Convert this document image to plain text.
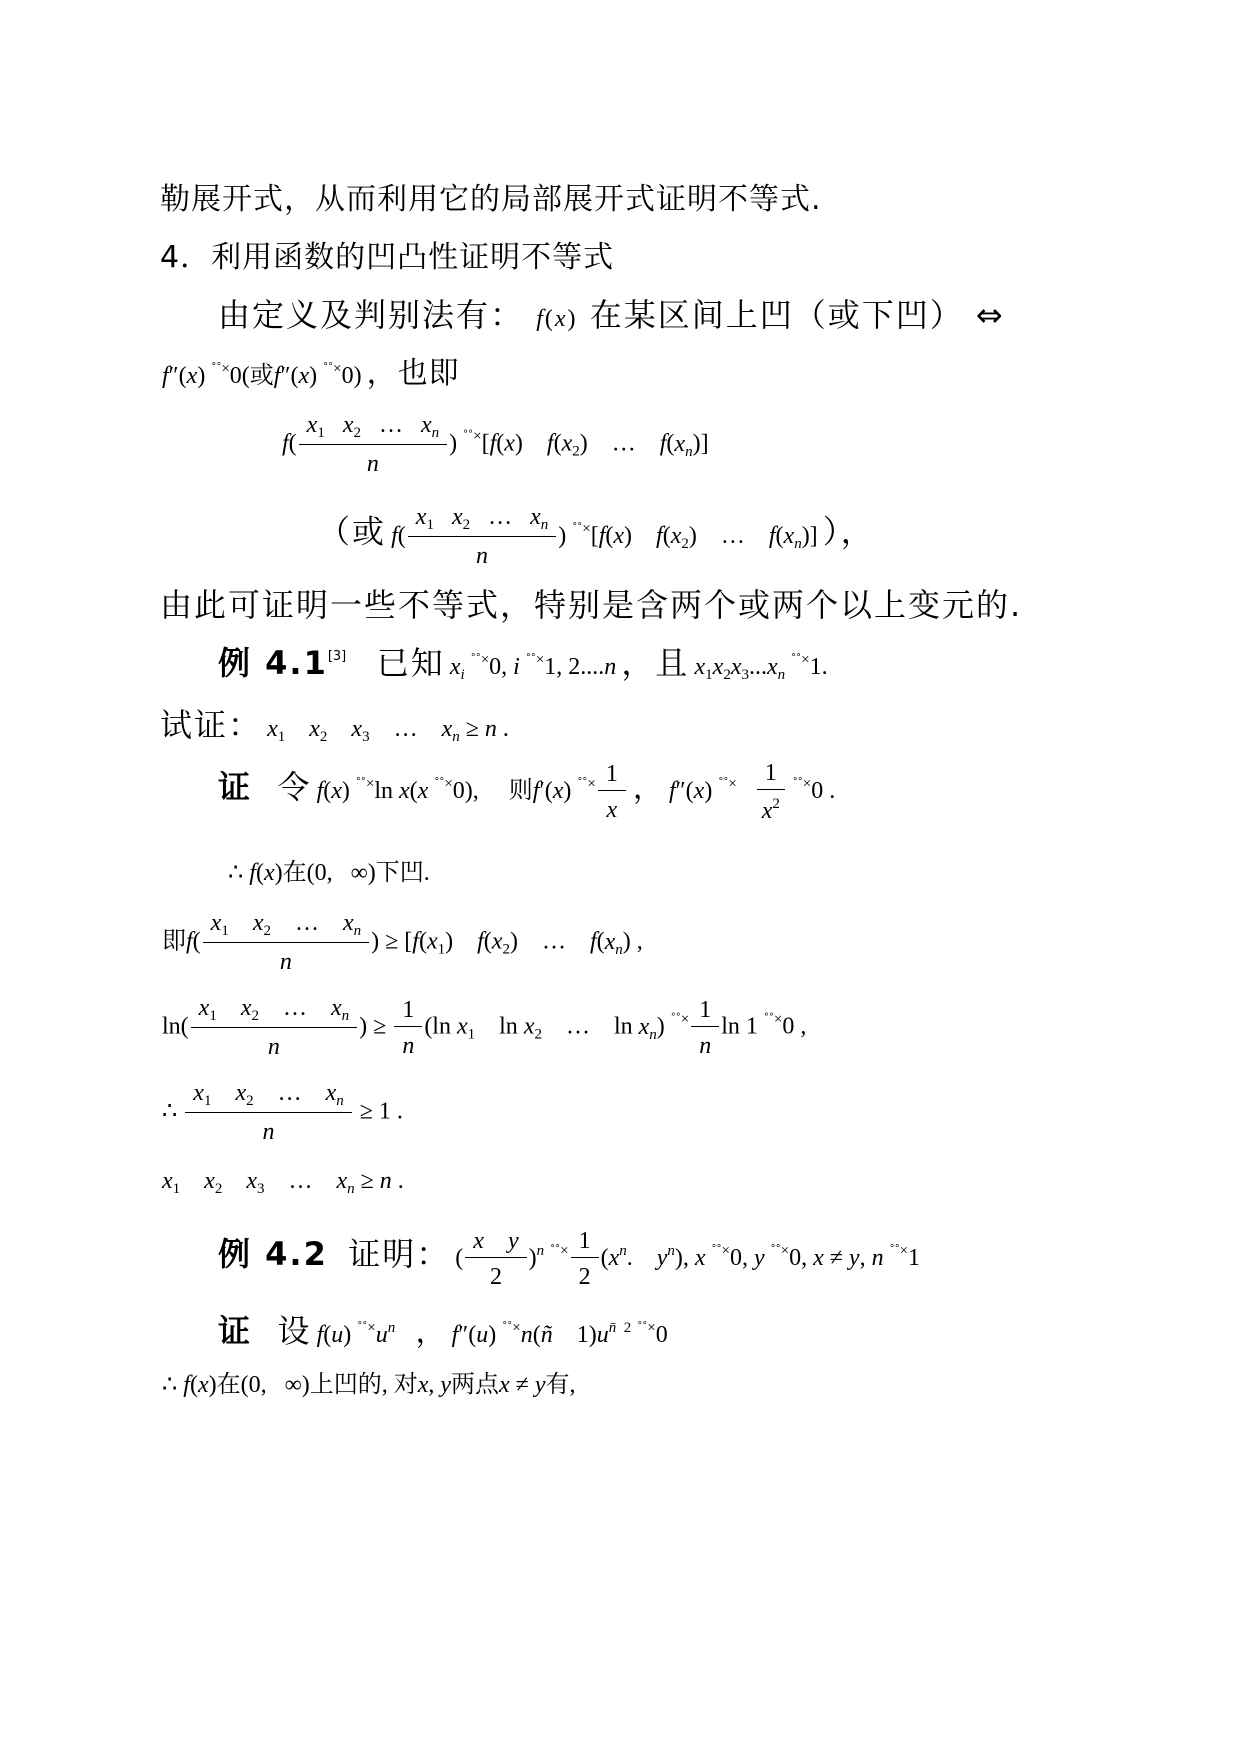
勒展开式，从而利用它的局部展开式证明不等式.
4．利用函数的凹凸性证明不等式
由定义及判别法有： f(x) 在某区间上凹（或下凹） ⇔
f″(x) ˚˚×0(或f″(x) ˚˚×0) ，也即
$f( \frac{x_1 x_2 \dots x_n}{n}$ ) ˚˚×[f(x)    $f(x_2)$    …    $f(x_n)$]
（或 $f( \frac{x_1 x_2 \dots x_n}{n}$ ) ˚˚×[f(x)    $f(x_2)$    …    $f(x_n)$] ），
由此可证明一些不等式，特别是含两个或两个以上变元的.
例 4.1[3] 已知 $x_i$ ˚˚×0, i ˚˚×1, 2....n ，且 $x_1x_2x_3...x_n$ ˚˚×1.
试证： $x_1$ $x_2$ $x_3$    …    $x_n \ge n$ .
证 令 f(x) ˚˚×ln x(x ˚˚×0),     则f′(x) $^{˚˚\times} \frac{1}{x}$ ， f″(x) $^{˚˚\times} \frac{1}{x^2} ^{˚˚\times}0$ .
∴ f(x)在(0,   ∞)下凹.
即$f( \frac{x_1 x_2 \dots x_n}{n}$ ) ≥ [$f(x_1)$    $f(x_2)$    …    $f(x_n)$ ,
$\ln( \frac{x_1 x_2 \dots x_n}{n}$ ) ≥ $\frac{1}{n} (\ln$ $x_1$    $\ln x_2$    …    $\ln x_n$) $^{˚˚\times} \frac{1}{n}$ ln 1 ˚˚×0 ,
∴ $\frac{x_1 x_2 \dots x_n}{n} \ge 1$ .
$x_1$ $x_2$ $x_3$    …    $x_n \ge n$ .
例 4.2 证明： ( $\frac{\text{x y}}{2} )^n$ $^{˚˚\times} \frac{1}{2} (x^n$.    $y^n$), x ˚˚×0, y ˚˚×0, x ≠ y, n ˚˚×1
证 设 f(u) $^{˚˚\times}u^n$ ， f″(u) ˚˚×n(ñ    $1)u^{n̄ 2}$ ˚˚×0
∴ f(x)在(0,   ∞)上凹的, 对x, y两点x ≠ y有,
